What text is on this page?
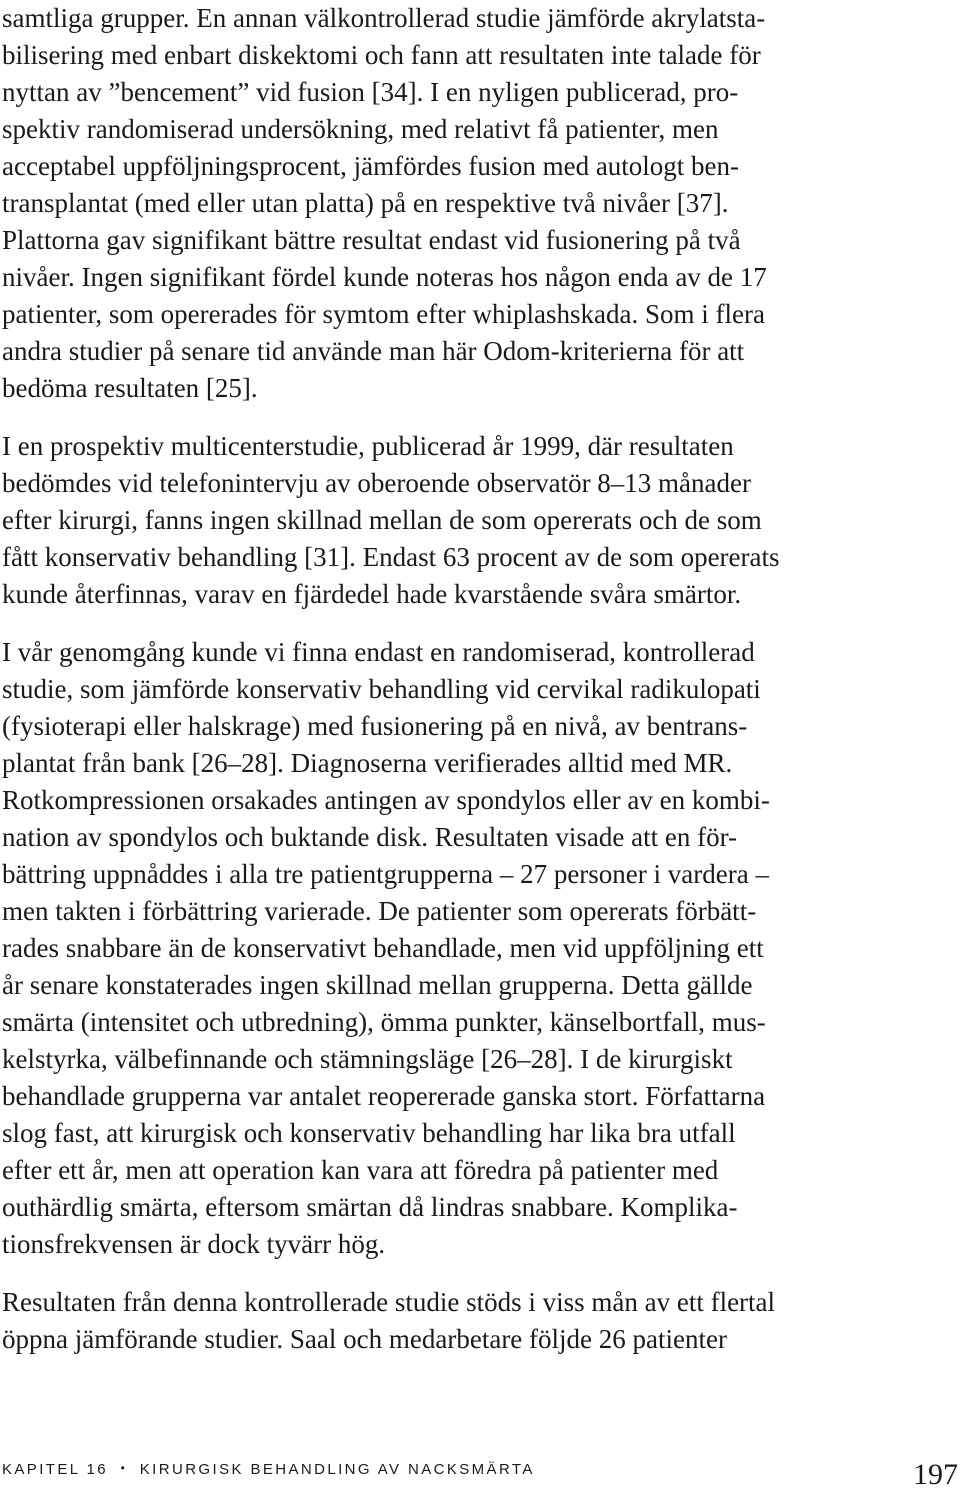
samtliga grupper. En annan välkontrollerad studie jämförde akrylatsta-
bilisering med enbart diskektomi och fann att resultaten inte talade för
nyttan av ”bencement” vid fusion [34]. I en nyligen publicerad, pro-
spektiv randomiserad undersökning, med relativt få patienter, men
acceptabel uppföljningsprocent, jämfördes fusion med autologt ben-
transplantat (med eller utan platta) på en respektive två nivåer [37].
Plattorna gav signifikant bättre resultat endast vid fusionering på två
nivåer. Ingen signifikant fördel kunde noteras hos någon enda av de 17
patienter, som opererades för symtom efter whiplashskada. Som i flera
andra studier på senare tid använde man här Odom-kriterierna för att
bedöma resultaten [25].

I en prospektiv multicenterstudie, publicerad år 1999, där resultaten
bedömdes vid telefonintervju av oberoende observatör 8–13 månader
efter kirurgi, fanns ingen skillnad mellan de som opererats och de som
fått konservativ behandling [31]. Endast 63 procent av de som opererats
kunde återfinnas, varav en fjärdedel hade kvarstående svåra smärtor.

I vår genomgång kunde vi finna endast en randomiserad, kontrollerad
studie, som jämförde konservativ behandling vid cervikal radikulopati
(fysioterapi eller halskrage) med fusionering på en nivå, av bentrans-
plantat från bank [26–28]. Diagnoserna verifierades alltid med MR.
Rotkompressionen orsakades antingen av spondylos eller av en kombi-
nation av spondylos och buktande disk. Resultaten visade att en för-
bättring uppnåddes i alla tre patientgrupperna – 27 personer i vardera –
men takten i förbättring varierade. De patienter som opererats förbätt-
rades snabbare än de konservativt behandlade, men vid uppföljning ett
år senare konstaterades ingen skillnad mellan grupperna. Detta gällde
smärta (intensitet och utbredning), ömma punkter, känselbortfall, mus-
kelstyrka, välbefinnande och stämningsläge [26–28]. I de kirurgiskt
behandlade grupperna var antalet reopererade ganska stort. Författarna
slog fast, att kirurgisk och konservativ behandling har lika bra utfall
efter ett år, men att operation kan vara att föredra på patienter med
outhärdlig smärta, eftersom smärtan då lindras snabbare. Komplika-
tionsfrekvensen är dock tyvärr hög.

Resultaten från denna kontrollerade studie stöds i viss mån av ett flertal
öppna jämförande studier. Saal och medarbetare följde 26 patienter

KAPITEL 16 • KIRURGISK BEHANDLING AV NACKSMÄRTA	197
